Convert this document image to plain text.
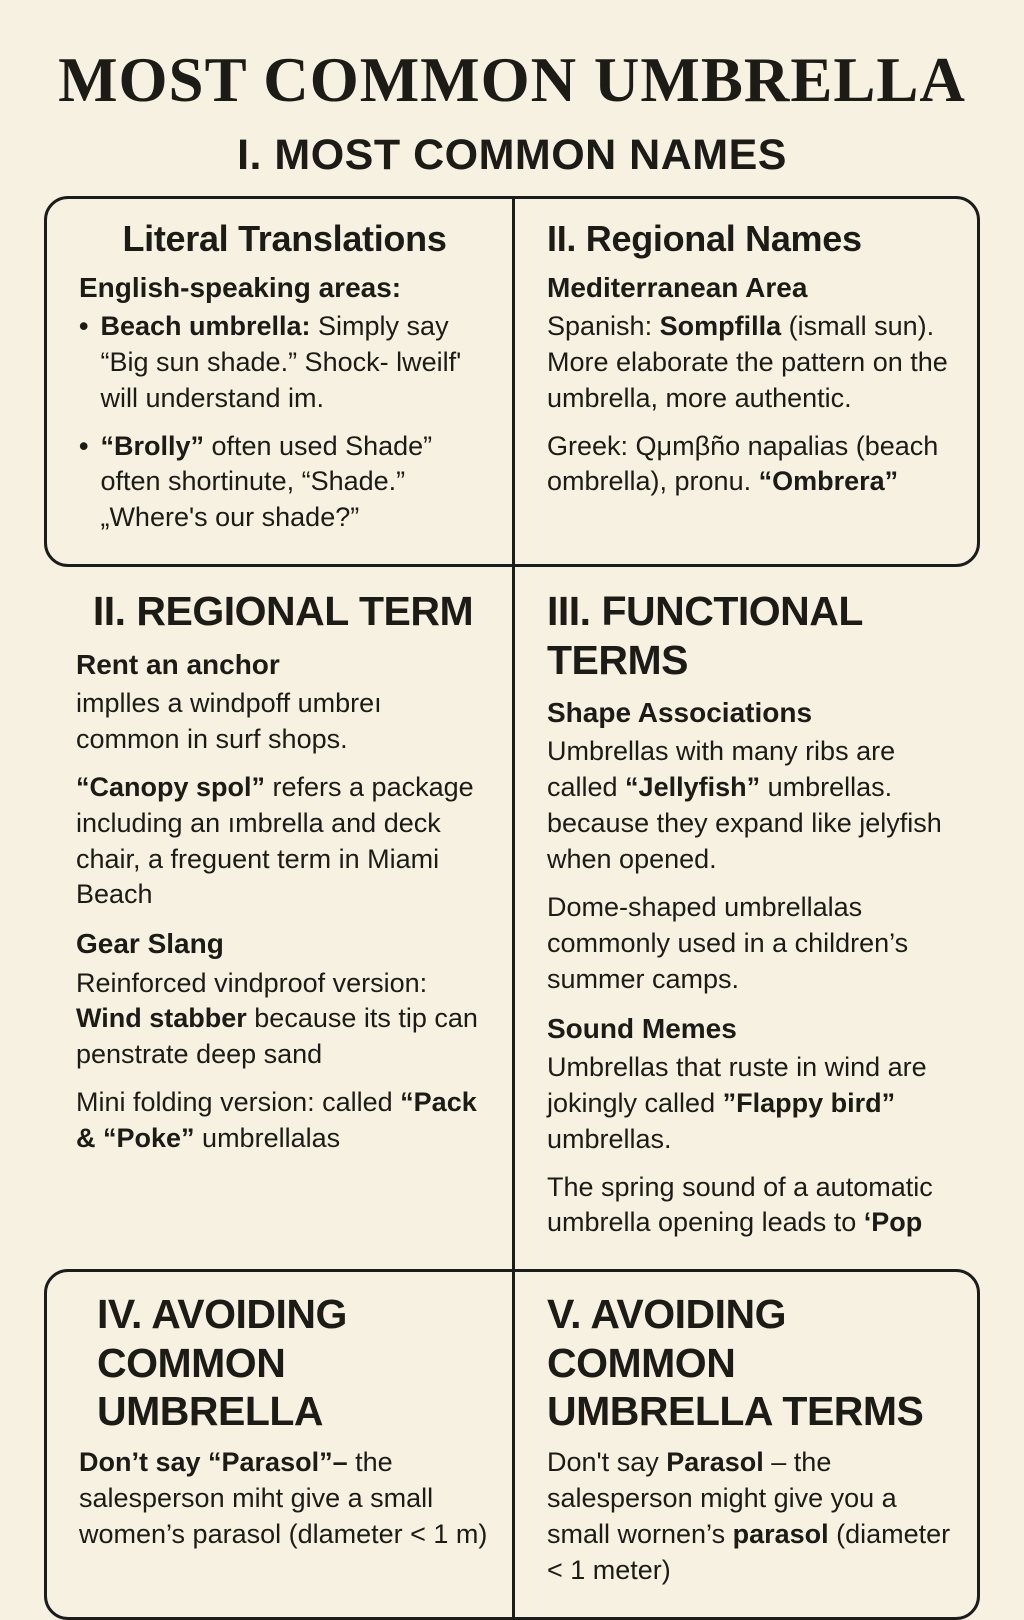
MOST COMMON UMBRELLA
I. MOST COMMON NAMES
Literal Translations
English-speaking areas:
• Beach umbrella: Simply say “Big sun shade.” Shock- lweilf' will understand im.
• “Brolly” often used Shade” often shortinute, “Shade.” „Where's our shade?”
II. Regional Names
Mediterranean Area
Spanish: Sompfilla (ismall sun). More elaborate the pattern on the umbrella, more authentic.
Greek: Qμmβño napalias (beach ombrella), pronu. “Ombrera”
II. REGIONAL TERM
Rent an anchor
implles a windpoff umbreı common in surf shops.
“Canopy spol” refers a package including an ımbrella and deck chair, a freguent term in Miami Beach
Gear Slang
Reinforced vindproof version: Wind stabber because its tip can penstrate deep sand
Mini folding version: called “Pack & “Poke” umbrellalas
III. FUNCTIONAL TERMS
Shape Associations
Umbrellas with many ribs are called “Jellyfish” umbrellas. because they expand like jelyfish when opened.
Dome-shaped umbrellalas commonly used in a children’s summer camps.
Sound Memes
Umbrellas that ruste in wind are jokingly called ”Flappy bird” umbrellas.
The spring sound of a automatic umbrella opening leads to ‘Pop
IV. AVOIDING COMMON UMBRELLA
Don’t say “Parasol”– the salesperson miht give a small women’s parasol (dlameter < 1 m)
V. AVOIDING COMMON UMBRELLA TERMS
Don't say Parasol – the salesperson might give you a small wornen’s parasol (diameter < 1 meter)
